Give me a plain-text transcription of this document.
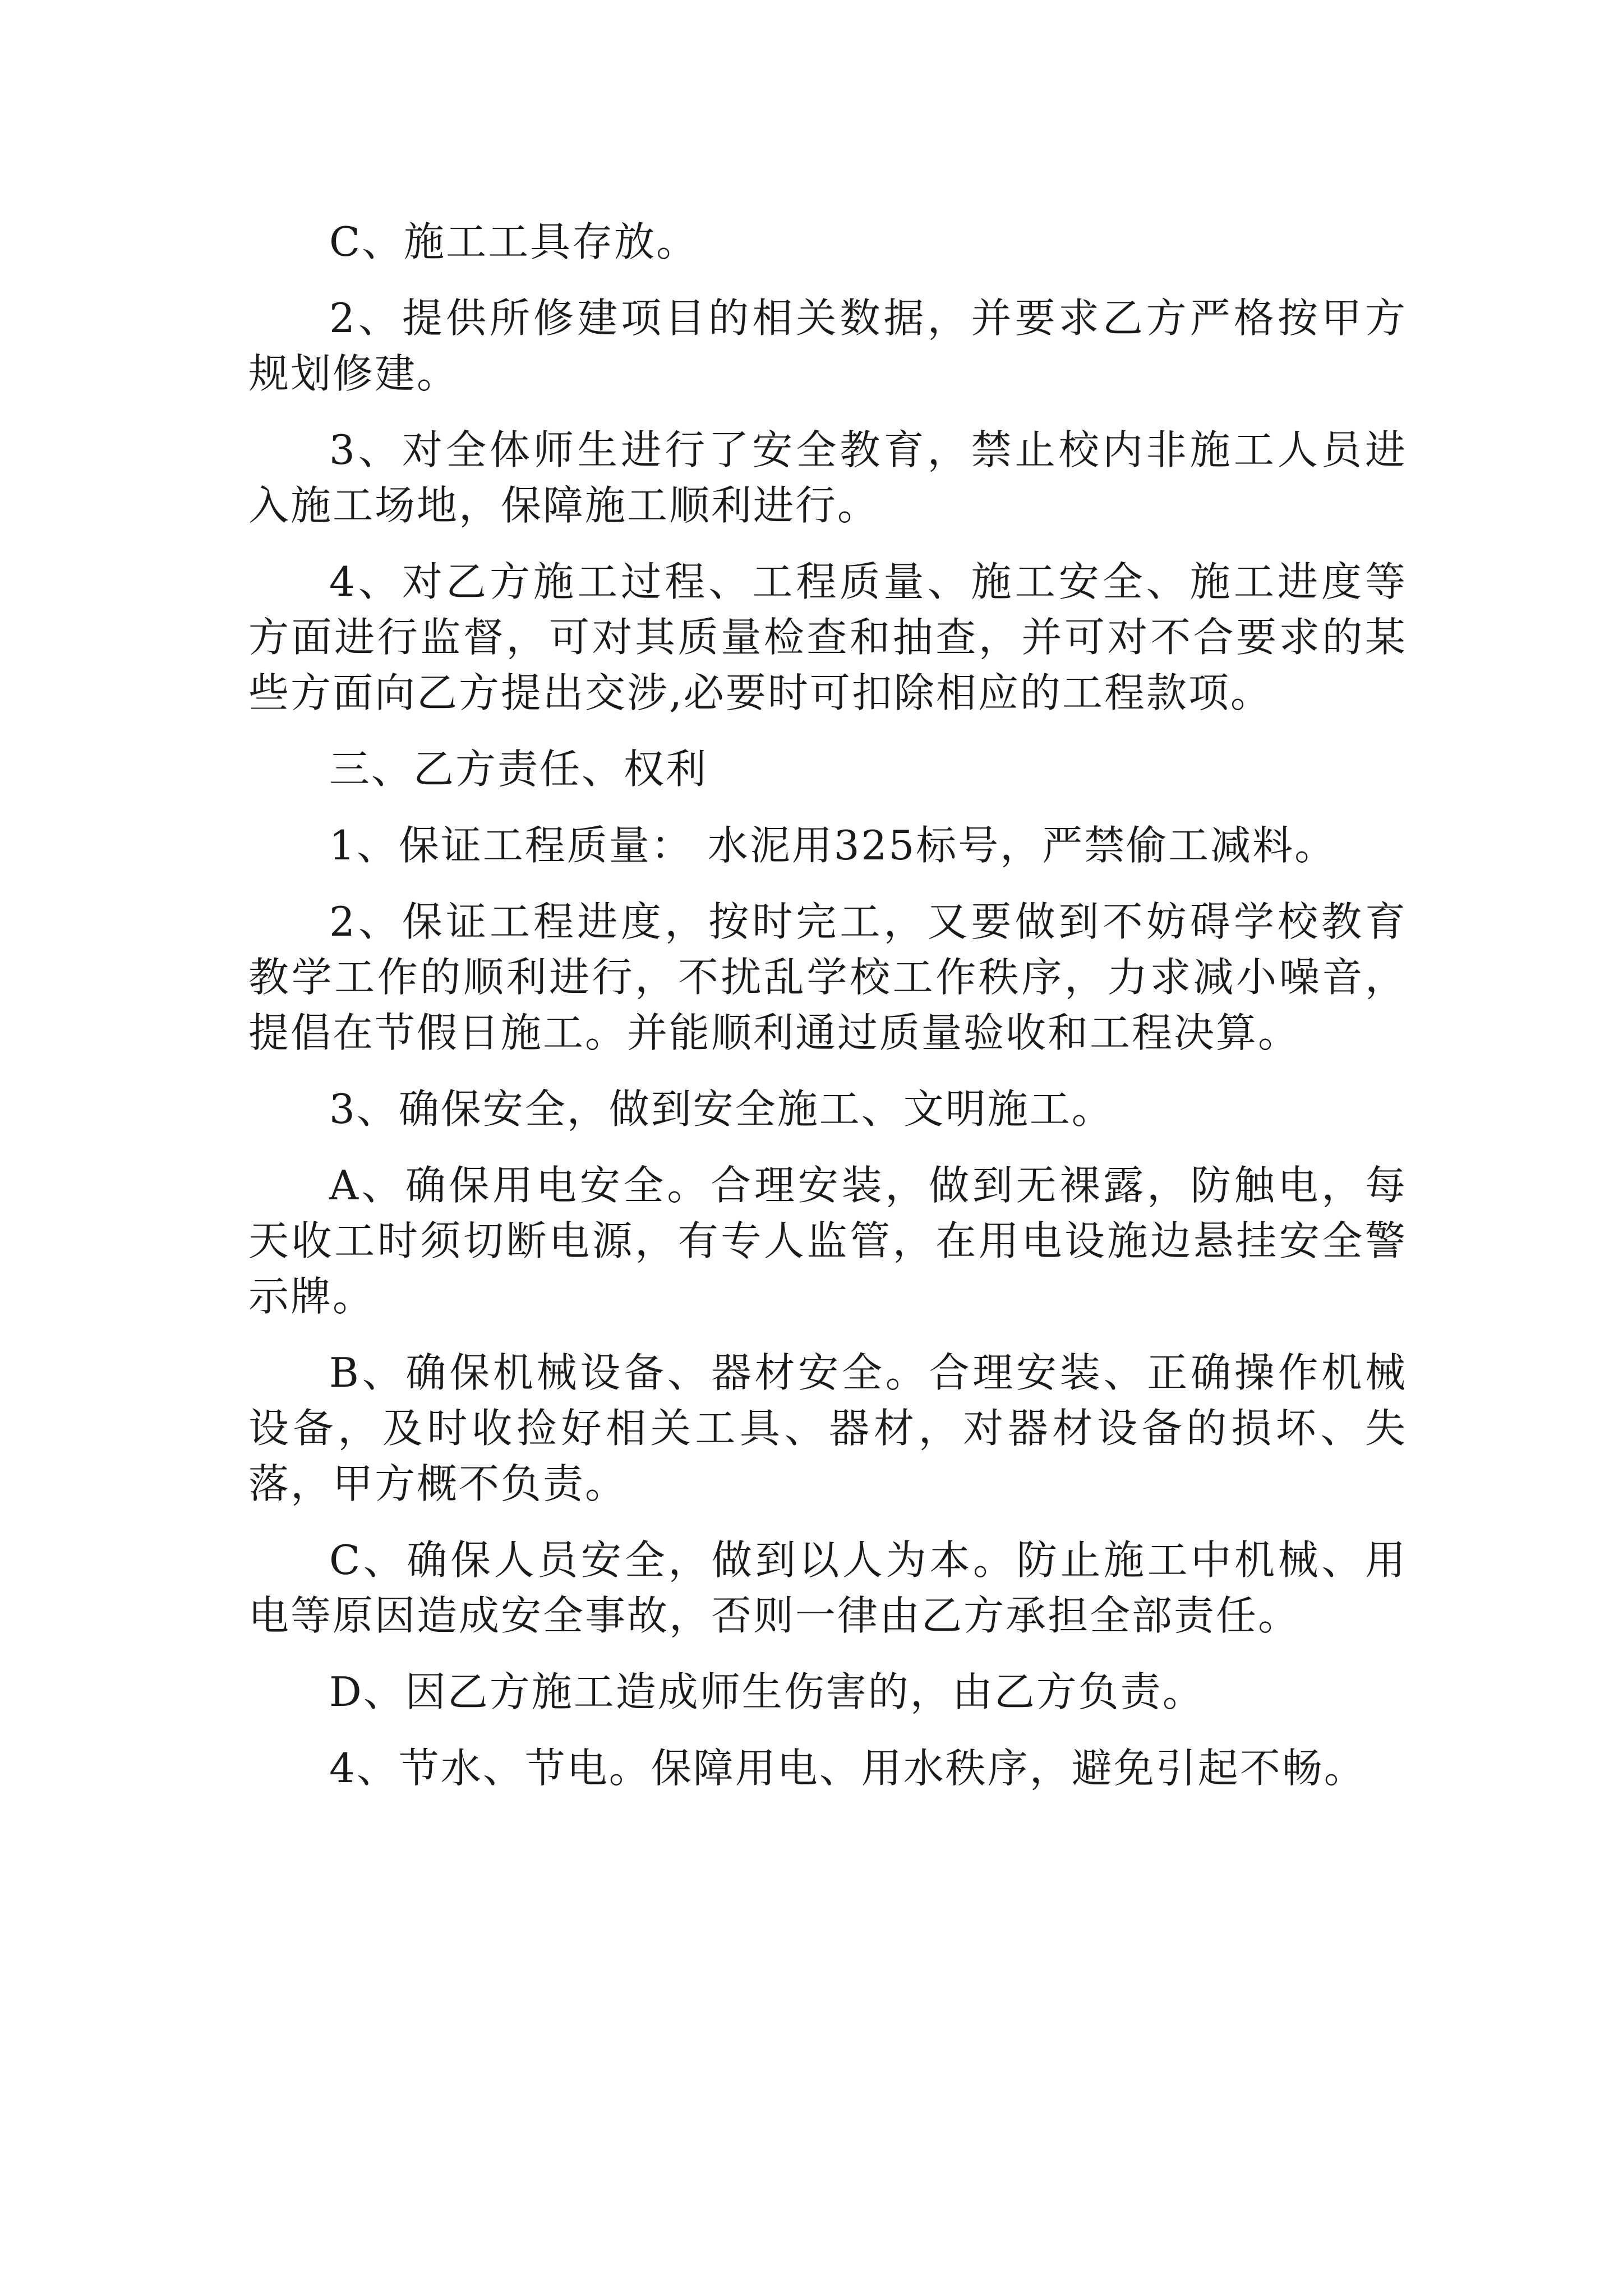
C、施工工具存放。

2、提供所修建项目的相关数据，并要求乙方严格按甲方规划修建。

3、对全体师生进行了安全教育，禁止校内非施工人员进入施工场地，保障施工顺利进行。

4、对乙方施工过程、工程质量、施工安全、施工进度等方面进行监督，可对其质量检查和抽查，并可对不合要求的某些方面向乙方提出交涉,必要时可扣除相应的工程款项。

三、乙方责任、权利

1、保证工程质量： 水泥用325标号，严禁偷工减料。

2、保证工程进度，按时完工，又要做到不妨碍学校教育教学工作的顺利进行，不扰乱学校工作秩序，力求减小噪音，提倡在节假日施工。并能顺利通过质量验收和工程决算。

3、确保安全，做到安全施工、文明施工。

A、确保用电安全。合理安装，做到无裸露，防触电，每天收工时须切断电源，有专人监管，在用电设施边悬挂安全警示牌。

B、确保机械设备、器材安全。合理安装、正确操作机械设备，及时收捡好相关工具、器材，对器材设备的损坏、失落，甲方概不负责。

C、确保人员安全，做到以人为本。防止施工中机械、用电等原因造成安全事故，否则一律由乙方承担全部责任。

D、因乙方施工造成师生伤害的，由乙方负责。

4、节水、节电。保障用电、用水秩序，避免引起不畅。
